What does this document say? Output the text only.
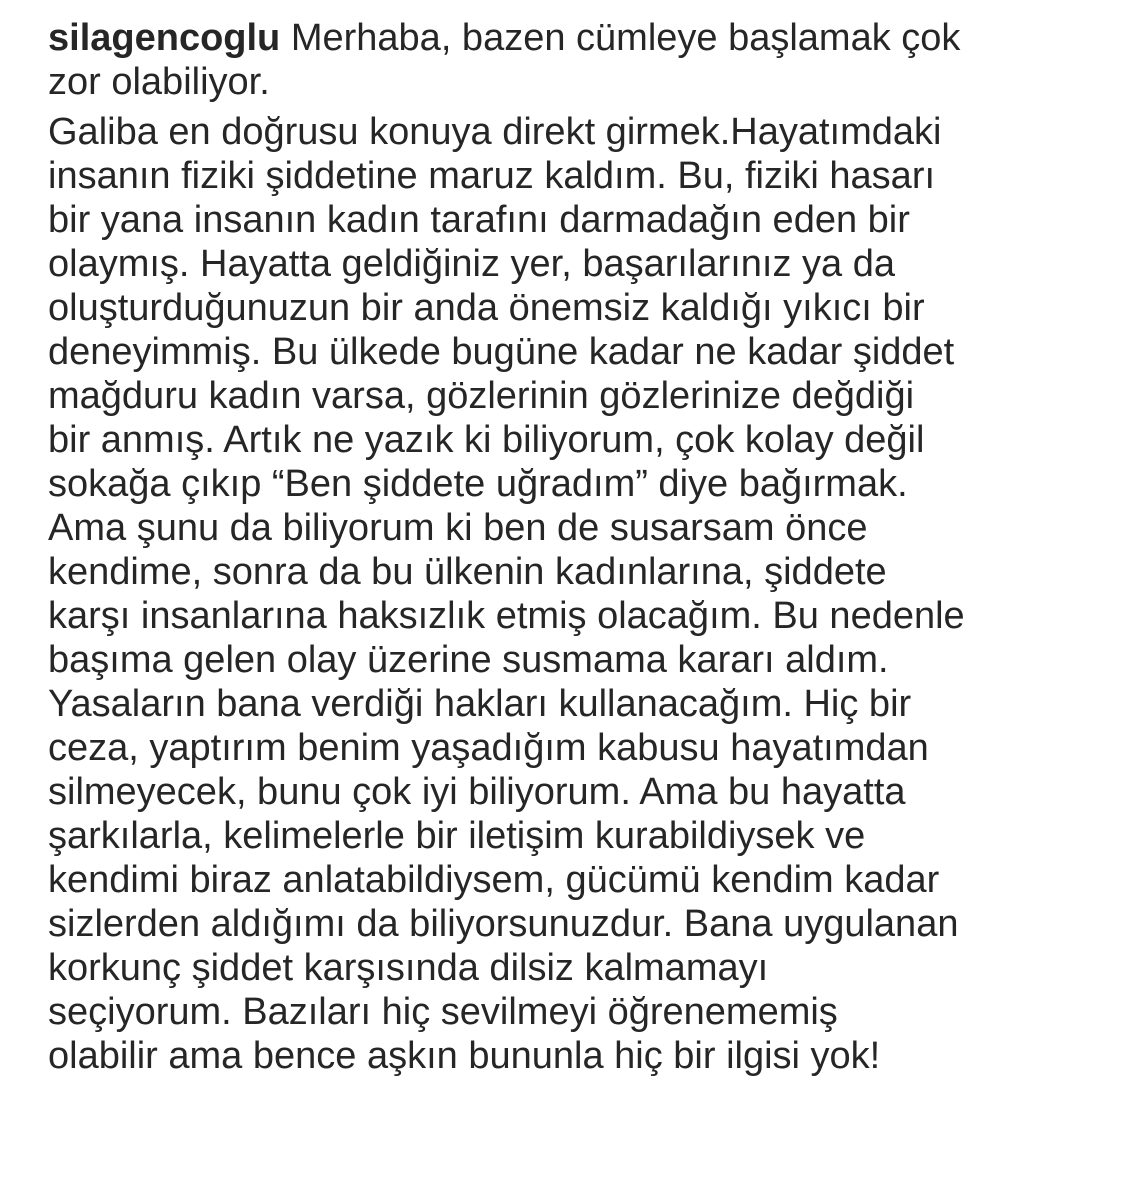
silagencoglu Merhaba, bazen cümleye başlamak çok
zor olabiliyor.
Galiba en doğrusu konuya direkt girmek.Hayatımdaki
insanın fiziki şiddetine maruz kaldım. Bu, fiziki hasarı
bir yana insanın kadın tarafını darmadağın eden bir
olaymış. Hayatta geldiğiniz yer, başarılarınız ya da
oluşturduğunuzun bir anda önemsiz kaldığı yıkıcı bir
deneyimmiş. Bu ülkede bugüne kadar ne kadar şiddet
mağduru kadın varsa, gözlerinin gözlerinize değdiği
bir anmış. Artık ne yazık ki biliyorum, çok kolay değil
sokağa çıkıp “Ben şiddete uğradım” diye bağırmak.
Ama şunu da biliyorum ki ben de susarsam önce
kendime, sonra da bu ülkenin kadınlarına, şiddete
karşı insanlarına haksızlık etmiş olacağım. Bu nedenle
başıma gelen olay üzerine susmama kararı aldım.
Yasaların bana verdiği hakları kullanacağım. Hiç bir
ceza, yaptırım benim yaşadığım kabusu hayatımdan
silmeyecek, bunu çok iyi biliyorum. Ama bu hayatta
şarkılarla, kelimelerle bir iletişim kurabildiysek ve
kendimi biraz anlatabildiysem, gücümü kendim kadar
sizlerden aldığımı da biliyorsunuzdur. Bana uygulanan
korkunç şiddet karşısında dilsiz kalmamayı
seçiyorum. Bazıları hiç sevilmeyi öğrenememiş
olabilir ama bence aşkın bununla hiç bir ilgisi yok!
